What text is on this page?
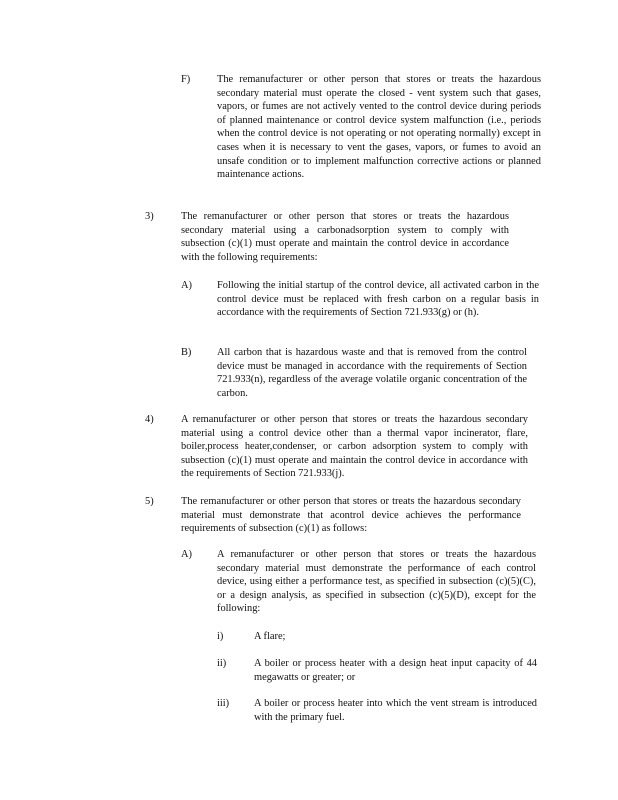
F)	The remanufacturer or other person that stores or treats the hazardous secondary material must operate the closed - vent system such that gases, vapors, or fumes are not actively vented to the control device during periods of planned maintenance or control device system malfunction (i.e., periods when the control device is not operating or not operating normally) except in cases when it is necessary to vent the gases, vapors, or fumes to avoid an unsafe condition or to implement malfunction corrective actions or planned maintenance actions.
3)	The remanufacturer or other person that stores or treats the hazardous secondary material using a carbonadsorption system to comply with subsection (c)(1) must operate and maintain the control device in accordance with the following requirements:
A) Following the initial startup of the control device, all activated carbon in the control device must be replaced with fresh carbon on a regular basis in accordance with the requirements of Section 721.933(g) or (h).
B) All carbon that is hazardous waste and that is removed from the control device must be managed in accordance with the requirements of Section 721.933(n), regardless of the average volatile organic concentration of the carbon.
4)	A remanufacturer or other person that stores or treats the hazardous secondary material using a control device other than a thermal vapor incinerator, flare, boiler,process heater,condenser, or carbon adsorption system to comply with subsection (c)(1) must operate and maintain the control device in accordance with the requirements of Section 721.933(j).
5)	The remanufacturer or other person that stores or treats the hazardous secondary material must demonstrate that acontrol device achieves the performance requirements of subsection (c)(1) as follows:
A) A remanufacturer or other person that stores or treats the hazardous secondary material must demonstrate the performance of each control device, using either a performance test, as specified in subsection (c)(5)(C), or a design analysis, as specified in subsection (c)(5)(D), except for the following:
i)	A flare;
ii)	A boiler or process heater with a design heat input capacity of 44 megawatts or greater; or
iii) A boiler or process heater into which the vent stream is introduced with the primary fuel.
